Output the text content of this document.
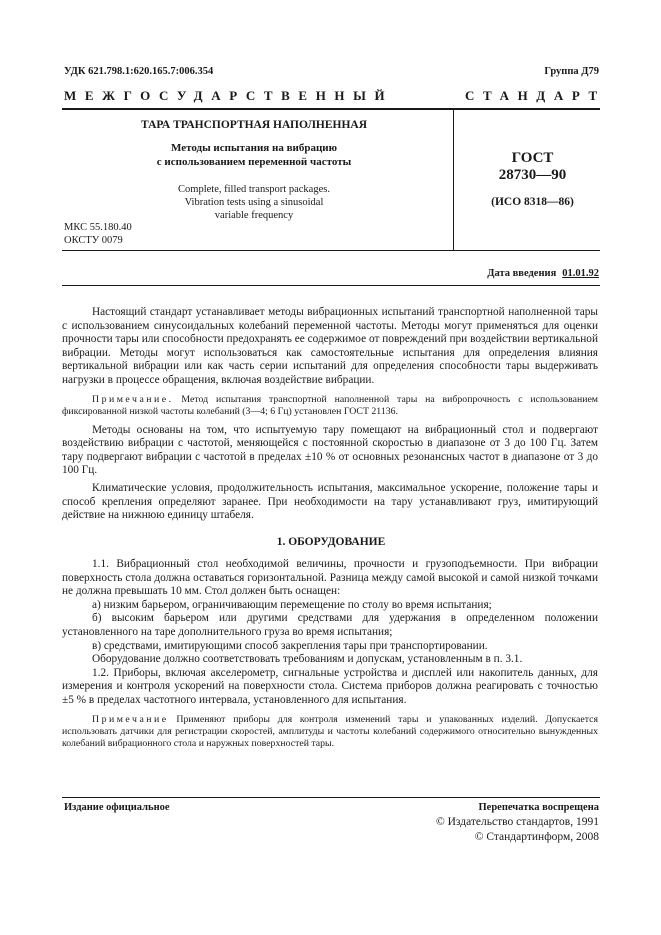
УДК 621.798.1:620.165.7:006.354	Группа Д79
МЕЖГОСУДАРСТВЕННЫЙ	СТАНДАРТ
ТАРА ТРАНСПОРТНАЯ НАПОЛНЕННАЯ
Методы испытания на вибрацию
с использованием переменной частоты
Complete, filled transport packages.
Vibration tests using a sinusoidal
variable frequency
ГОСТ
28730—90
(ИСО 8318—86)
МКС 55.180.40
ОКСТУ 0079
Дата введения 01.01.92

Настоящий стандарт устанавливает методы вибрационных испытаний транспортной наполненной тары с использованием синусоидальных колебаний переменной частоты. Методы могут применяться для оценки прочности тары или способности предохранять ее содержимое от повреждений при воздействии вертикальной вибрации. Методы могут использоваться как самостоятельные испытания для определения влияния вертикальной вибрации или как часть серии испытаний для определения способности тары выдерживать нагрузки в процессе обращения, включая воздействие вибрации.

Примечание. Метод испытания транспортной наполненной тары на вибропрочность с использованием фиксированной низкой частоты колебаний (3—4; 6 Гц) установлен ГОСТ 21136.

Методы основаны на том, что испытуемую тару помещают на вибрационный стол и подвергают воздействию вибрации с частотой, меняющейся с постоянной скоростью в диапазоне от 3 до 100 Гц. Затем тару подвергают вибрации с частотой в пределах ±10 % от основных резонансных частот в диапазоне от 3 до 100 Гц.

Климатические условия, продолжительность испытания, максимальное ускорение, положение тары и способ крепления определяют заранее. При необходимости на тару устанавливают груз, имитирующий действие на нижнюю единицу штабеля.

1. ОБОРУДОВАНИЕ

1.1. Вибрационный стол необходимой величины, прочности и грузоподъемности. При вибрации поверхность стола должна оставаться горизонтальной. Разница между самой высокой и самой низкой точками не должна превышать 10 мм. Стол должен быть оснащен:

а) низким барьером, ограничивающим перемещение по столу во время испытания;

б) высоким барьером или другими средствами для удержания в определенном положении установленного на таре дополнительного груза во время испытания;

в) средствами, имитирующими способ закрепления тары при транспортировании.

Оборудование должно соответствовать требованиям и допускам, установленным в п. 3.1.

1.2. Приборы, включая акселерометр, сигнальные устройства и дисплей или накопитель данных, для измерения и контроля ускорений на поверхности стола. Система приборов должна реагировать с точностью ±5 % в пределах частотного интервала, установленного для испытания.

Примечание Применяют приборы для контроля изменений тары и упакованных изделий. Допускается использовать датчики для регистрации скоростей, амплитуды и частоты колебаний содержимого относительно вынужденных колебаний вибрационного стола и наружных поверхностей тары.

Издание официальное	Перепечатка воспрещена
© Издательство стандартов, 1991
© Стандартинформ, 2008
